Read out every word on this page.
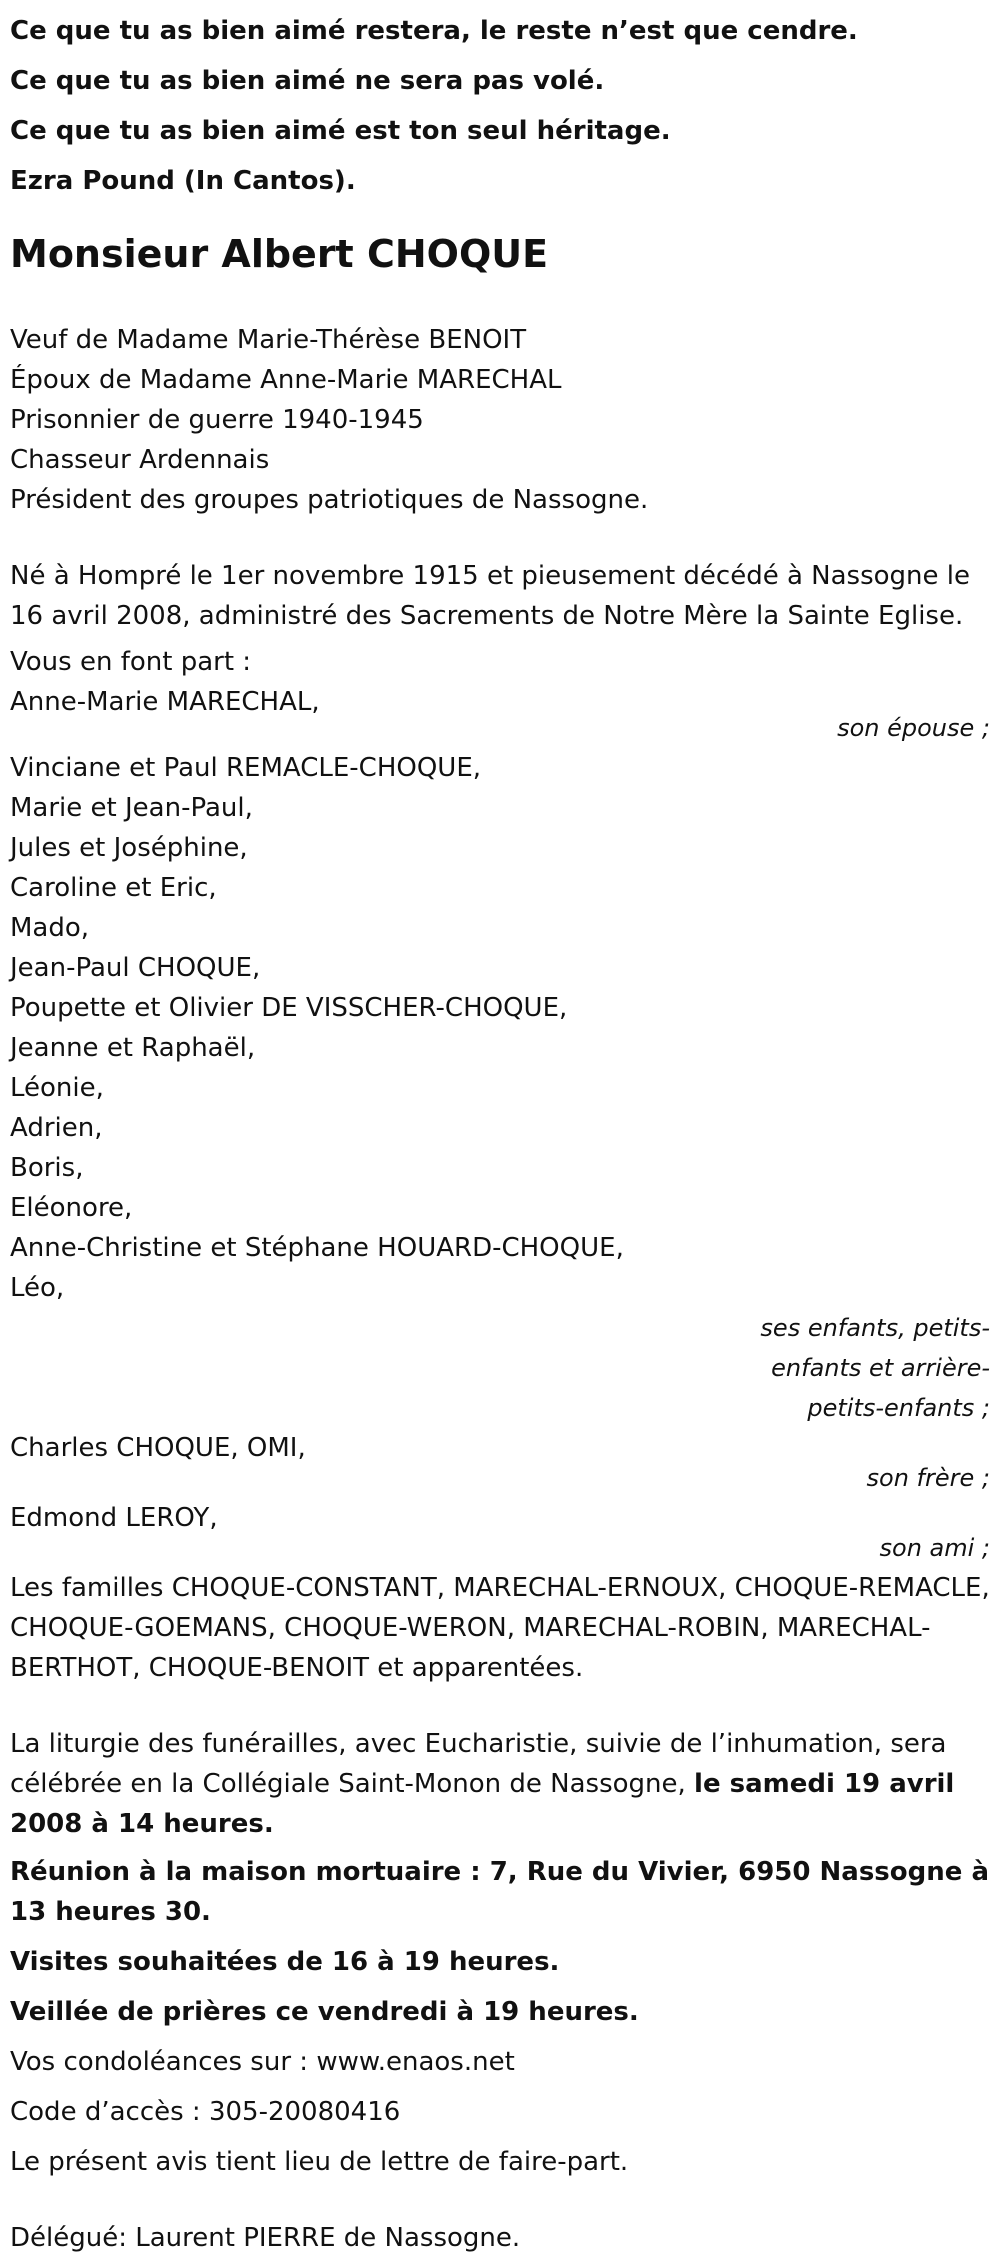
Ce que tu as bien aimé restera, le reste n’est que cendre.

Ce que tu as bien aimé ne sera pas volé.

Ce que tu as bien aimé est ton seul héritage.

Ezra Pound (In Cantos).

Monsieur Albert CHOQUE

Veuf de Madame Marie-Thérèse BENOIT

Époux de Madame Anne-Marie MARECHAL

Prisonnier de guerre 1940-1945

Chasseur Ardennais

Président des groupes patriotiques de Nassogne.

Né à Hompré le 1er novembre 1915 et pieusement décédé à Nassogne le 16 avril 2008, administré des Sacrements de Notre Mère la Sainte Eglise.

Vous en font part :

Anne-Marie MARECHAL,

son épouse ;

Vinciane et Paul REMACLE-CHOQUE,

Marie et Jean-Paul,

Jules et Joséphine,

Caroline et Eric,

Mado,

Jean-Paul CHOQUE,

Poupette et Olivier DE VISSCHER-CHOQUE,

Jeanne et Raphaël,

Léonie,

Adrien,

Boris,

Eléonore,

Anne-Christine et Stéphane HOUARD-CHOQUE,

Léo,

ses enfants, petits-
enfants et arrière-
petits-enfants ;

Charles CHOQUE, OMI,

son frère ;

Edmond LEROY,

son ami ;

Les familles CHOQUE-CONSTANT, MARECHAL-ERNOUX, CHOQUE-REMACLE, CHOQUE-GOEMANS, CHOQUE-WERON, MARECHAL-ROBIN, MARECHAL-BERTHOT, CHOQUE-BENOIT et apparentées.

La liturgie des funérailles, avec Eucharistie, suivie de l’inhumation, sera célébrée en la Collégiale Saint-Monon de Nassogne, le samedi 19 avril 2008 à 14 heures.

Réunion à la maison mortuaire : 7, Rue du Vivier, 6950 Nassogne à 13 heures 30.

Visites souhaitées de 16 à 19 heures.

Veillée de prières ce vendredi à 19 heures.

Vos condoléances sur : www.enaos.net

Code d’accès : 305-20080416

Le présent avis tient lieu de lettre de faire-part.

Délégué: Laurent PIERRE de Nassogne.
